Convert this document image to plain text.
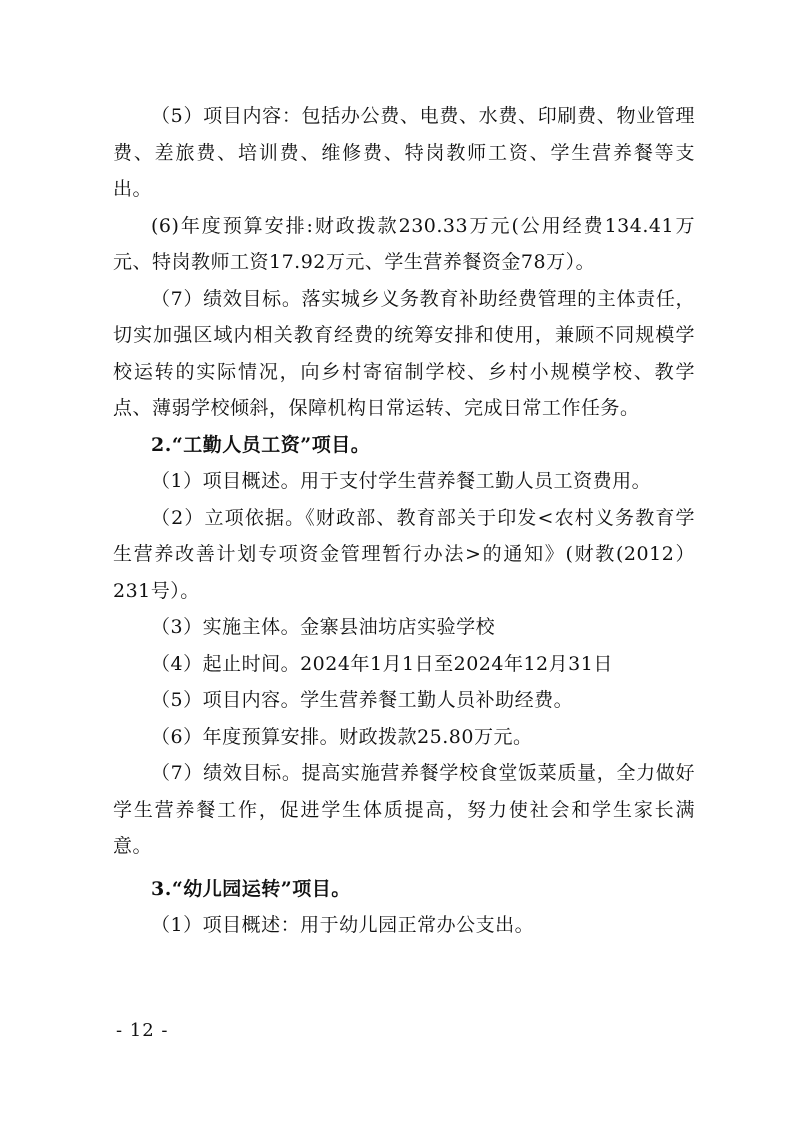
（5）项目内容：包括办公费、电费、水费、印刷费、物业管理费、差旅费、培训费、维修费、特岗教师工资、学生营养餐等支出。

(6)年度预算安排:财政拨款230.33万元(公用经费134.41万元、特岗教师工资17.92万元、学生营养餐资金78万）。

（7）绩效目标。落实城乡义务教育补助经费管理的主体责任，切实加强区域内相关教育经费的统筹安排和使用，兼顾不同规模学校运转的实际情况，向乡村寄宿制学校、乡村小规模学校、教学点、薄弱学校倾斜，保障机构日常运转、完成日常工作任务。

2.“工勤人员工资”项目。

（1）项目概述。用于支付学生营养餐工勤人员工资费用。

（2）立项依据。《财政部、教育部关于印发<农村义务教育学生营养改善计划专项资金管理暂行办法>的通知》(财教(2012）231号）。

（3）实施主体。金寨县油坊店实验学校

（4）起止时间。2024年1月1日至2024年12月31日

（5）项目内容。学生营养餐工勤人员补助经费。

（6）年度预算安排。财政拨款25.80万元。

（7）绩效目标。提高实施营养餐学校食堂饭菜质量，全力做好学生营养餐工作，促进学生体质提高，努力使社会和学生家长满意。

3.“幼儿园运转”项目。

（1）项目概述：用于幼儿园正常办公支出。

- 12 -
